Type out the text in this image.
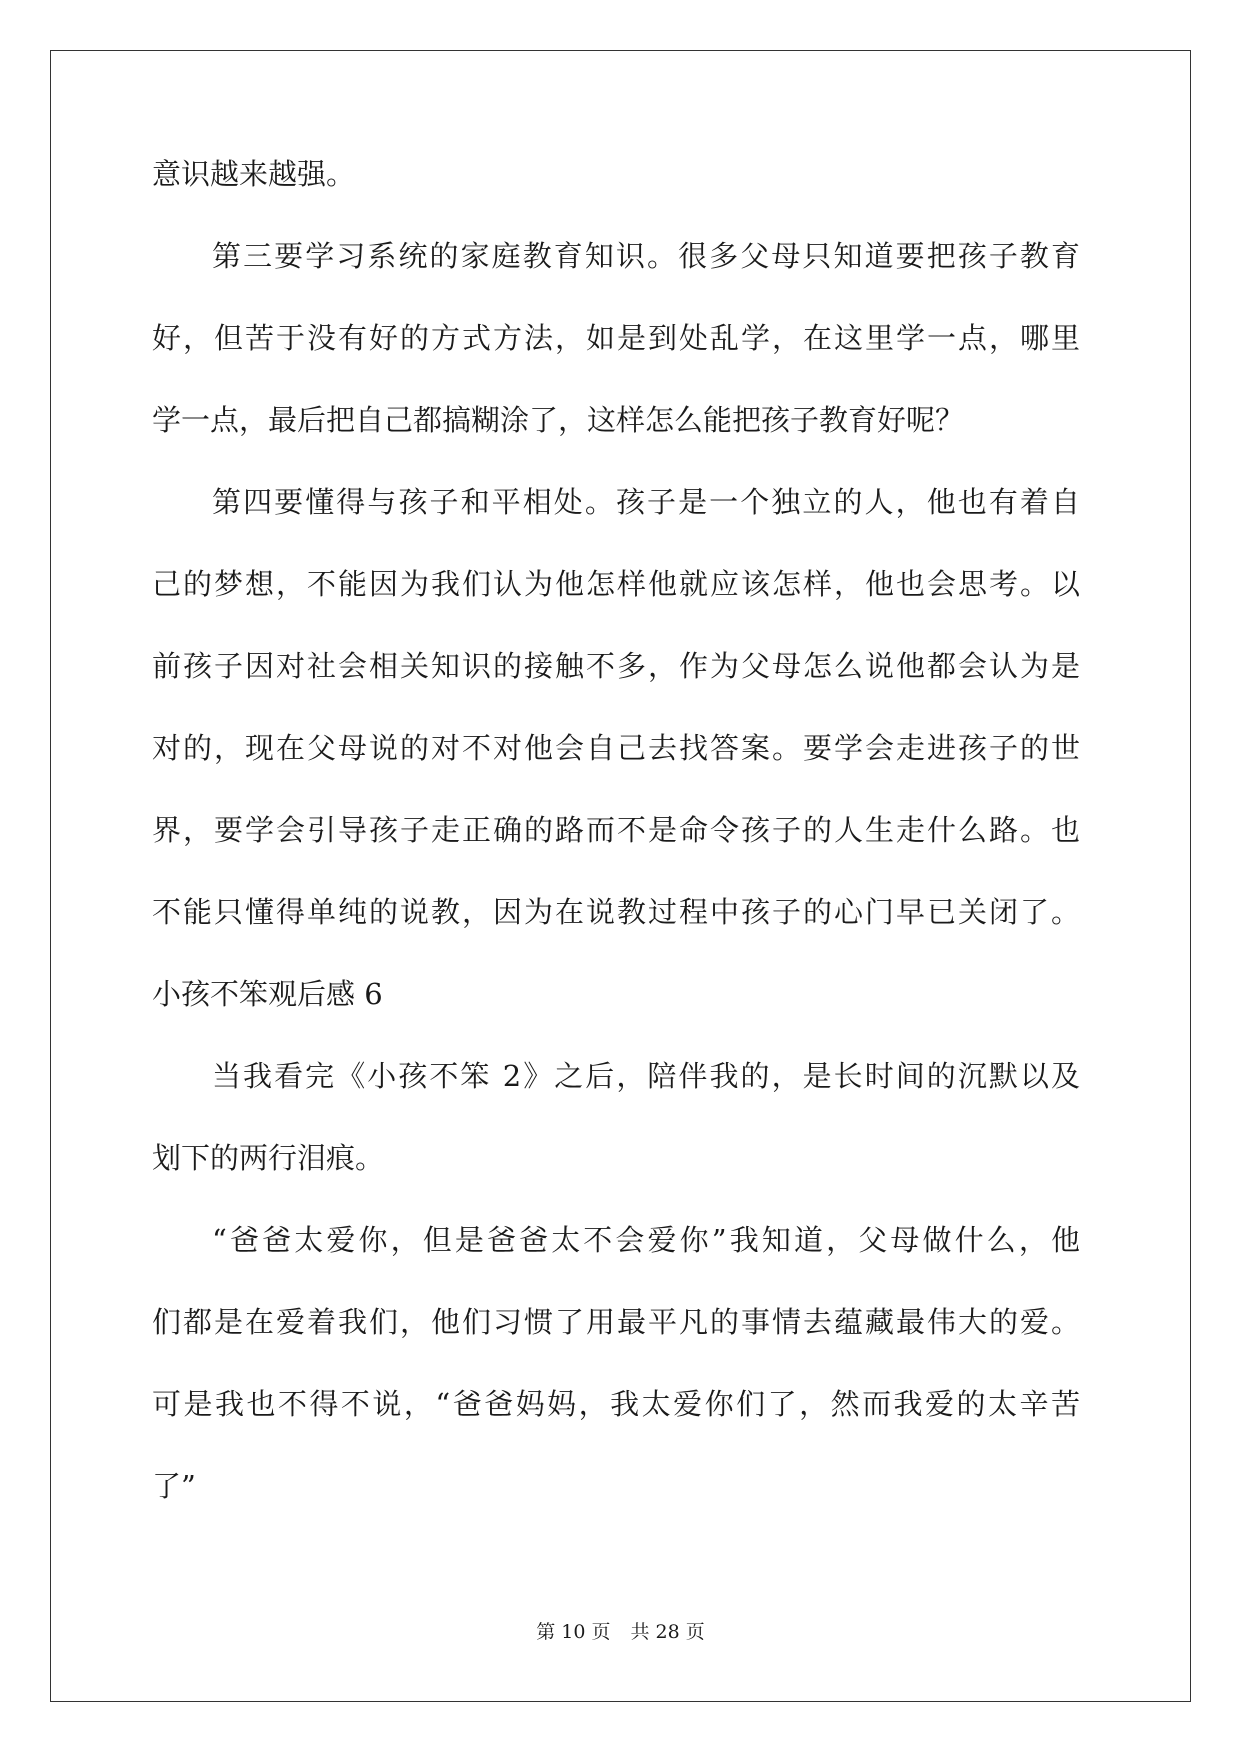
意识越来越强。
第三要学习系统的家庭教育知识。很多父母只知道要把孩子教育
好，但苦于没有好的方式方法，如是到处乱学，在这里学一点，哪里
学一点，最后把自己都搞糊涂了，这样怎么能把孩子教育好呢？
第四要懂得与孩子和平相处。孩子是一个独立的人，他也有着自
己的梦想，不能因为我们认为他怎样他就应该怎样，他也会思考。以
前孩子因对社会相关知识的接触不多，作为父母怎么说他都会认为是
对的，现在父母说的对不对他会自己去找答案。要学会走进孩子的世
界，要学会引导孩子走正确的路而不是命令孩子的人生走什么路。也
不能只懂得单纯的说教，因为在说教过程中孩子的心门早已关闭了。
小孩不笨观后感 6
当我看完《小孩不笨 2》之后，陪伴我的，是长时间的沉默以及
划下的两行泪痕。
“爸爸太爱你，但是爸爸太不会爱你”我知道，父母做什么，他
们都是在爱着我们，他们习惯了用最平凡的事情去蕴藏最伟大的爱。
可是我也不得不说，“爸爸妈妈，我太爱你们了，然而我爱的太辛苦
了”
第 10 页 共 28 页
